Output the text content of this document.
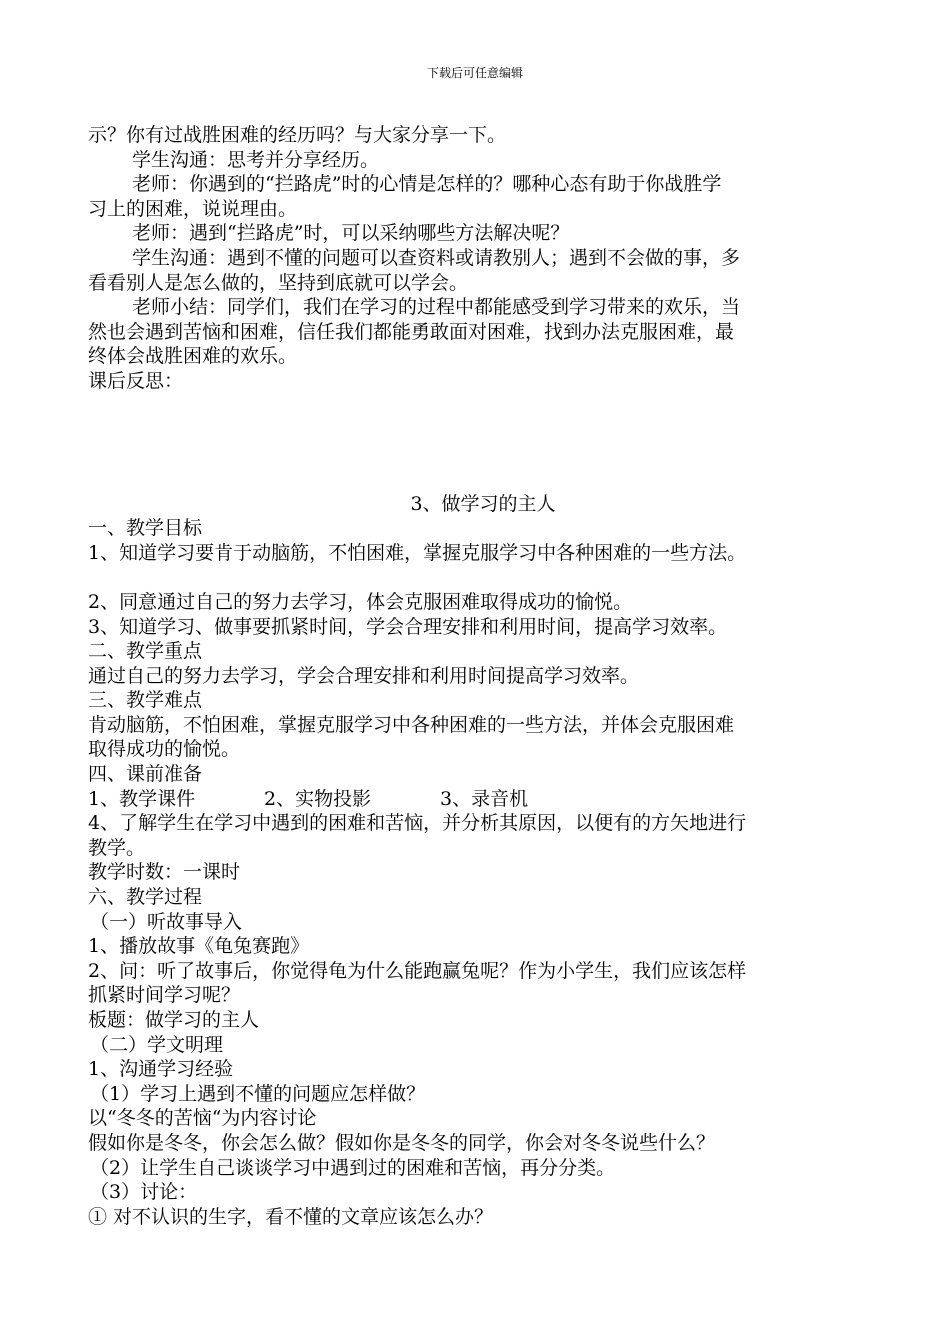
下载后可任意编辑
示？你有过战胜困难的经历吗？与大家分享一下。
学生沟通：思考并分享经历。
老师：你遇到的“拦路虎”时的心情是怎样的？哪种心态有助于你战胜学
习上的困难，说说理由。
老师：遇到“拦路虎”时，可以采纳哪些方法解决呢？
学生沟通：遇到不懂的问题可以查资料或请教别人；遇到不会做的事，多
看看别人是怎么做的，坚持到底就可以学会。
老师小结：同学们，我们在学习的过程中都能感受到学习带来的欢乐，当
然也会遇到苦恼和困难，信任我们都能勇敢面对困难，找到办法克服困难，最
终体会战胜困难的欢乐。
课后反思：
3、做学习的主人
一、教学目标
1、知道学习要肯于动脑筋，不怕困难，掌握克服学习中各种困难的一些方法。
2、同意通过自己的努力去学习，体会克服困难取得成功的愉悦。
3、知道学习、做事要抓紧时间，学会合理安排和利用时间，提高学习效率。
二、教学重点
通过自己的努力去学习，学会合理安排和利用时间提高学习效率。
三、教学难点
肯动脑筋，不怕困难，掌握克服学习中各种困难的一些方法，并体会克服困难
取得成功的愉悦。
四、课前准备
1、教学课件	2、实物投影	3、录音机
4、了解学生在学习中遇到的困难和苦恼，并分析其原因，以便有的方矢地进行
教学。
教学时数：一课时
六、教学过程
（一）听故事导入
1、播放故事《龟兔赛跑》
2、问：听了故事后，你觉得龟为什么能跑赢兔呢？作为小学生，我们应该怎样
抓紧时间学习呢？
板题：做学习的主人
（二）学文明理
1、沟通学习经验
（1）学习上遇到不懂的问题应怎样做？
以“冬冬的苦恼“为内容讨论
假如你是冬冬，你会怎么做？假如你是冬冬的同学，你会对冬冬说些什么？
（2）让学生自己谈谈学习中遇到过的困难和苦恼，再分分类。
（3）讨论：
① 对不认识的生字，看不懂的文章应该怎么办？
